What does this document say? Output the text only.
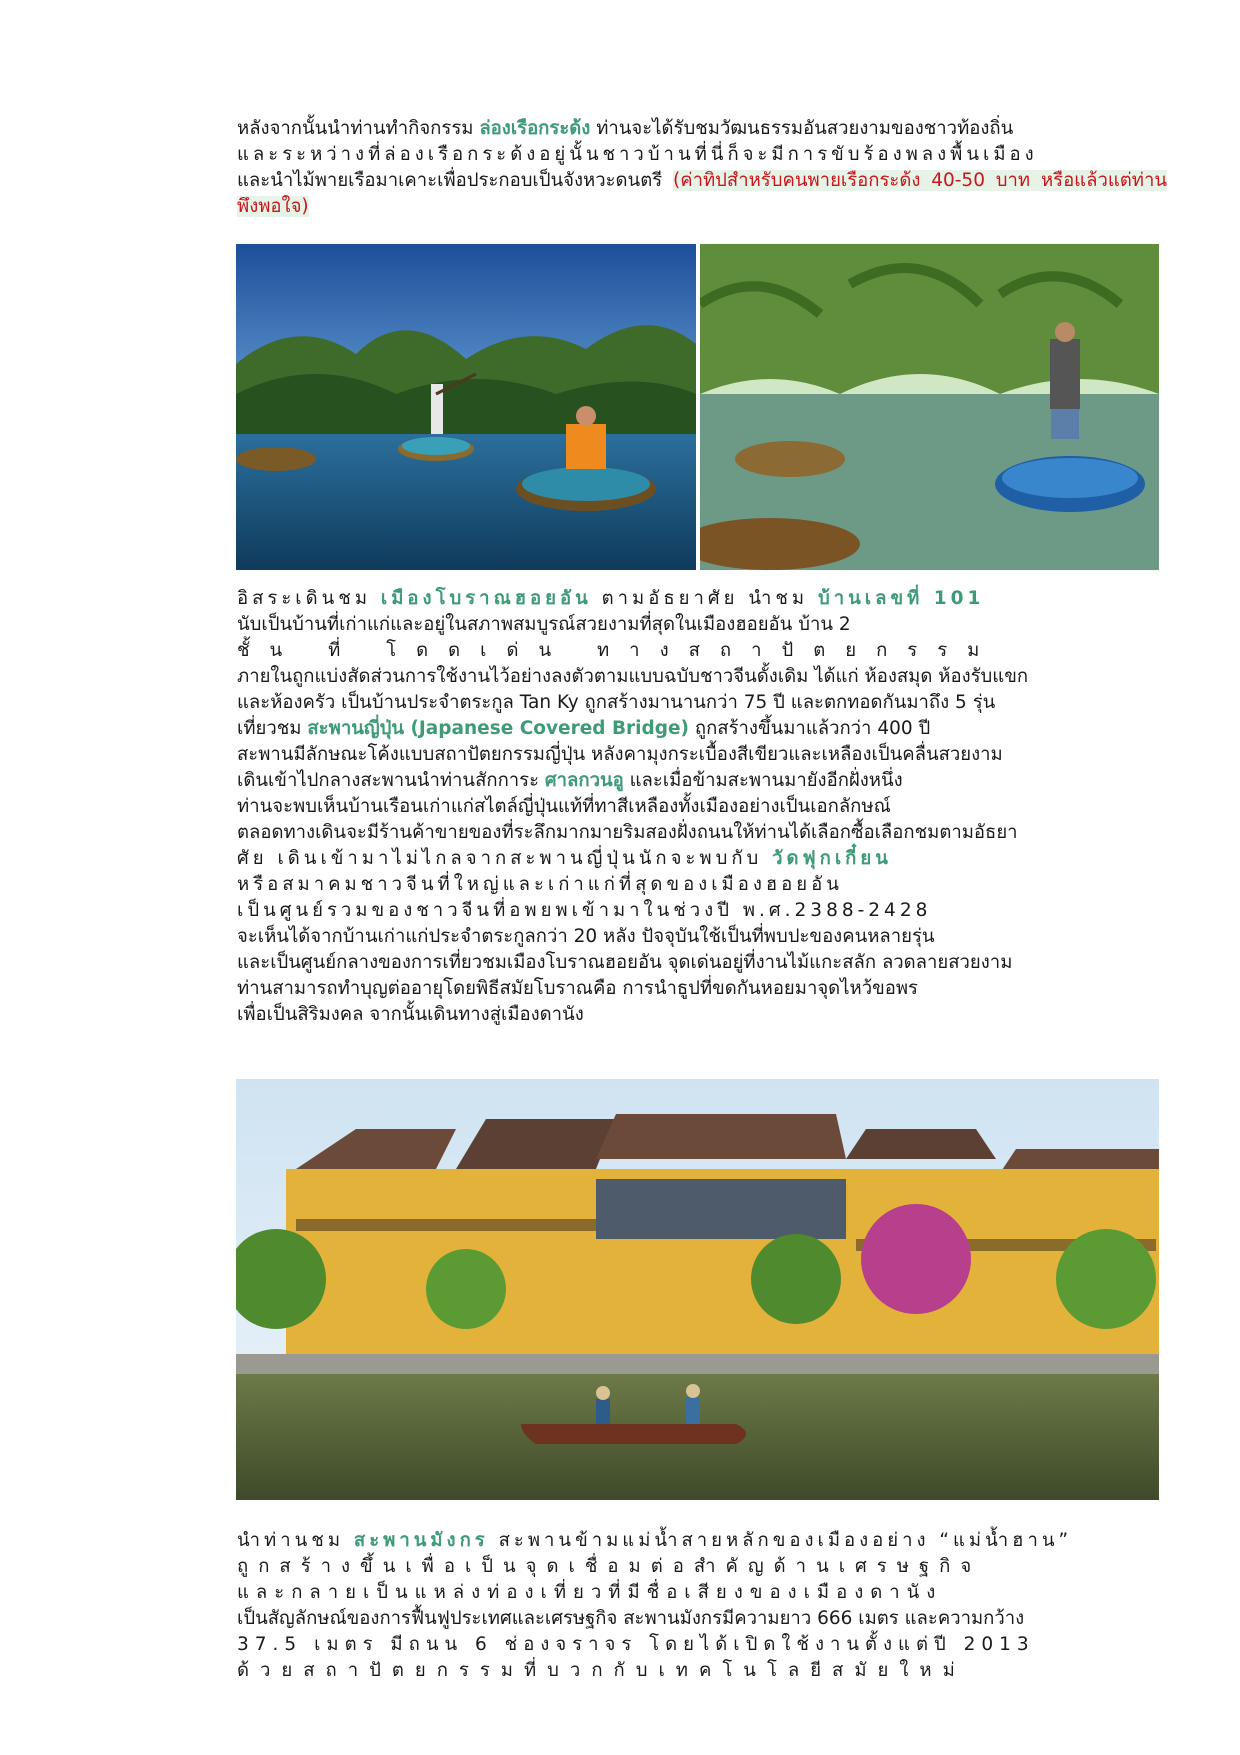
หลังจากนั้นนำท่านทำกิจกรรม ล่องเรือกระด้ง ท่านจะได้รับชมวัฒนธรรมอันสวยงามของชาวท้องถิ่น
และระหว่างที่ล่องเรือกระด้งอยู่นั้นชาวบ้านที่นี่ก็จะมีการขับร้องพลงพื้นเมือง
และนำไม้พายเรือมาเคาะเพื่อประกอบเป็นจังหวะดนตรี (ค่าทิปสำหรับคนพายเรือกระด้ง 40-50 บาท หรือแล้วแต่ท่านพึงพอใจ)
อิสระเดินชม เมืองโบราณฮอยอัน ตามอัธยาศัย นำชม บ้านเลขที่ 101
นับเป็นบ้านที่เก่าแก่และอยู่ในสภาพสมบูรณ์สวยงามที่สุดในเมืองฮอยอัน บ้าน 2
ชั้น ที่ โดดเด่น ทางสถาปัตยกรรม
ภายในถูกแบ่งสัดส่วนการใช้งานไว้อย่างลงตัวตามแบบฉบับชาวจีนดั้งเดิม ได้แก่ ห้องสมุด ห้องรับแขก
และห้องครัว เป็นบ้านประจำตระกูล Tan Ky ถูกสร้างมานานกว่า 75 ปี และตกทอดกันมาถึง 5 รุ่น
เที่ยวชม สะพานญี่ปุ่น (Japanese Covered Bridge) ถูกสร้างขึ้นมาแล้วกว่า 400 ปี
สะพานมีลักษณะโค้งแบบสถาปัตยกรรมญี่ปุ่น หลังคามุงกระเบื้องสีเขียวและเหลืองเป็นคลื่นสวยงาม
เดินเข้าไปกลางสะพานนำท่านสักการะ ศาลกวนอู และเมื่อข้ามสะพานมายังอีกฝั่งหนึ่ง
ท่านจะพบเห็นบ้านเรือนเก่าแก่สไตล์ญี่ปุ่นแท้ที่ทาสีเหลืองทั้งเมืองอย่างเป็นเอกลักษณ์
ตลอดทางเดินจะมีร้านค้าขายของที่ระลึกมากมายริมสองฝั่งถนนให้ท่านได้เลือกซื้อเลือกชมตามอัธยา
ศัย เดินเข้ามาไม่ไกลจากสะพานญี่ปุ่นนักจะพบกับ วัดฟุกเกี๋ยน
หรือสมาคมชาวจีนที่ใหญ่และเก่าแก่ที่สุดของเมืองฮอยอัน
เป็นศูนย์รวมของชาวจีนที่อพยพเข้ามาในช่วงปี พ.ศ.2388-2428
จะเห็นได้จากบ้านเก่าแก่ประจำตระกูลกว่า 20 หลัง ปัจจุบันใช้เป็นที่พบปะของคนหลายรุ่น
และเป็นศูนย์กลางของการเที่ยวชมเมืองโบราณฮอยอัน จุดเด่นอยู่ที่งานไม้แกะสลัก ลวดลายสวยงาม
ท่านสามารถทำบุญต่ออายุโดยพิธีสมัยโบราณคือ การนำธูปที่ขดกันหอยมาจุดไหว้ขอพร
เพื่อเป็นสิริมงคล จากนั้นเดินทางสู่เมืองดานัง
นำท่านชม สะพานมังกร สะพานข้ามแม่น้ำสายหลักของเมืองอย่าง “แม่น้ำฮาน”
ถูกสร้างขึ้นเพื่อเป็นจุดเชื่อมต่อสำคัญด้านเศรษฐกิจ
และกลายเป็นแหล่งท่องเที่ยวที่มีชื่อเสียงของเมืองดานัง
เป็นสัญลักษณ์ของการฟื้นฟูประเทศและเศรษฐกิจ สะพานมังกรมีความยาว 666 เมตร และความกว้าง
37.5 เมตร มีถนน 6 ช่องจราจร โดยได้เปิดใช้งานตั้งแต่ปี 2013
ด้วยสถาปัตยกรรมที่บวกกับเทคโนโลยีสมัยใหม่
